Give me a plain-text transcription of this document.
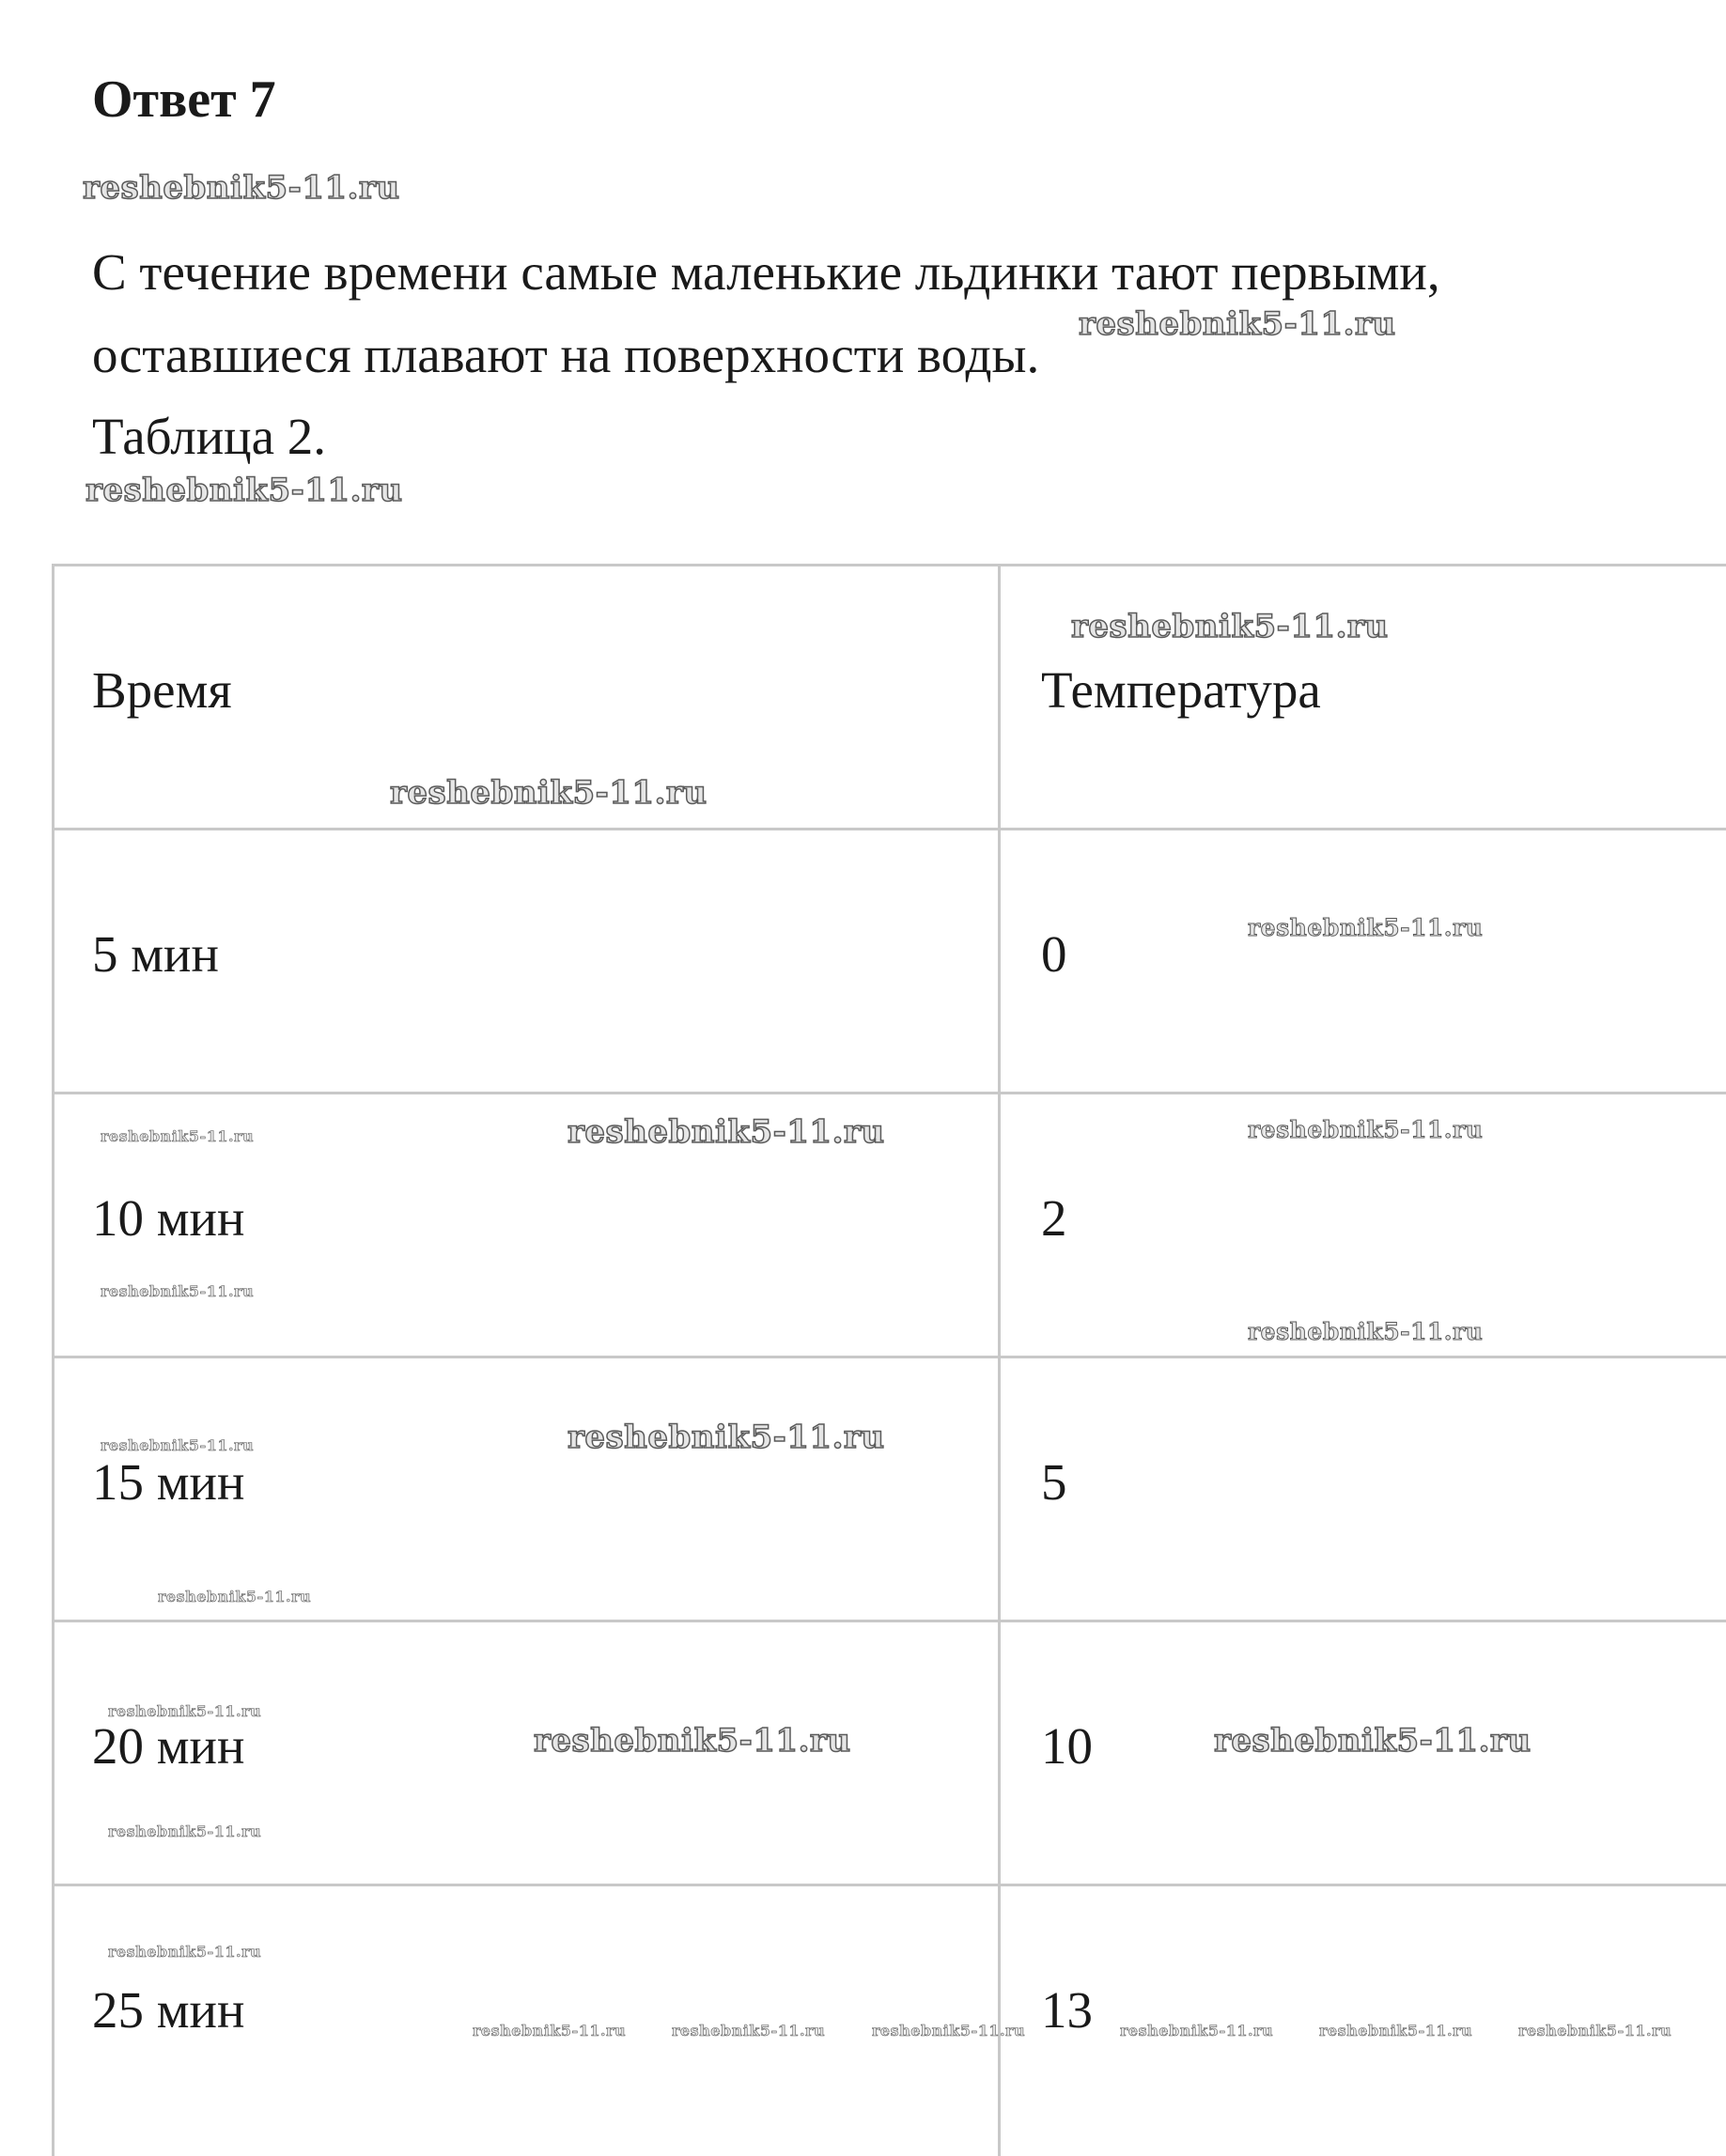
Ответ 7
reshebnik5-11.ru

С течение времени самые маленькие льдинки тают первыми,

оставшиеся плавают на поверхности воды.

reshebnik5-11.ru

Таблица 2.

reshebnik5-11.ru
Время	Температура
5 мин	0
10 мин	2
15 мин	5
20 мин	10
25 мин	13
reshebnik5-11.ru
reshebnik5-11.ru
reshebnik5-11.ru
reshebnik5-11.ru	reshebnik5-11.ru	reshebnik5-11.ru
reshebnik5-11.ru
reshebnik5-11.ru
reshebnik5-11.ru	reshebnik5-11.ru
reshebnik5-11.ru
reshebnik5-11.ru
reshebnik5-11.ru	reshebnik5-11.ru
reshebnik5-11.ru
reshebnik5-11.ru
reshebnik5-11.ru	reshebnik5-11.ru	reshebnik5-11.ru	reshebnik5-11.ru	reshebnik5-11.ru	reshebnik5-11.ru
